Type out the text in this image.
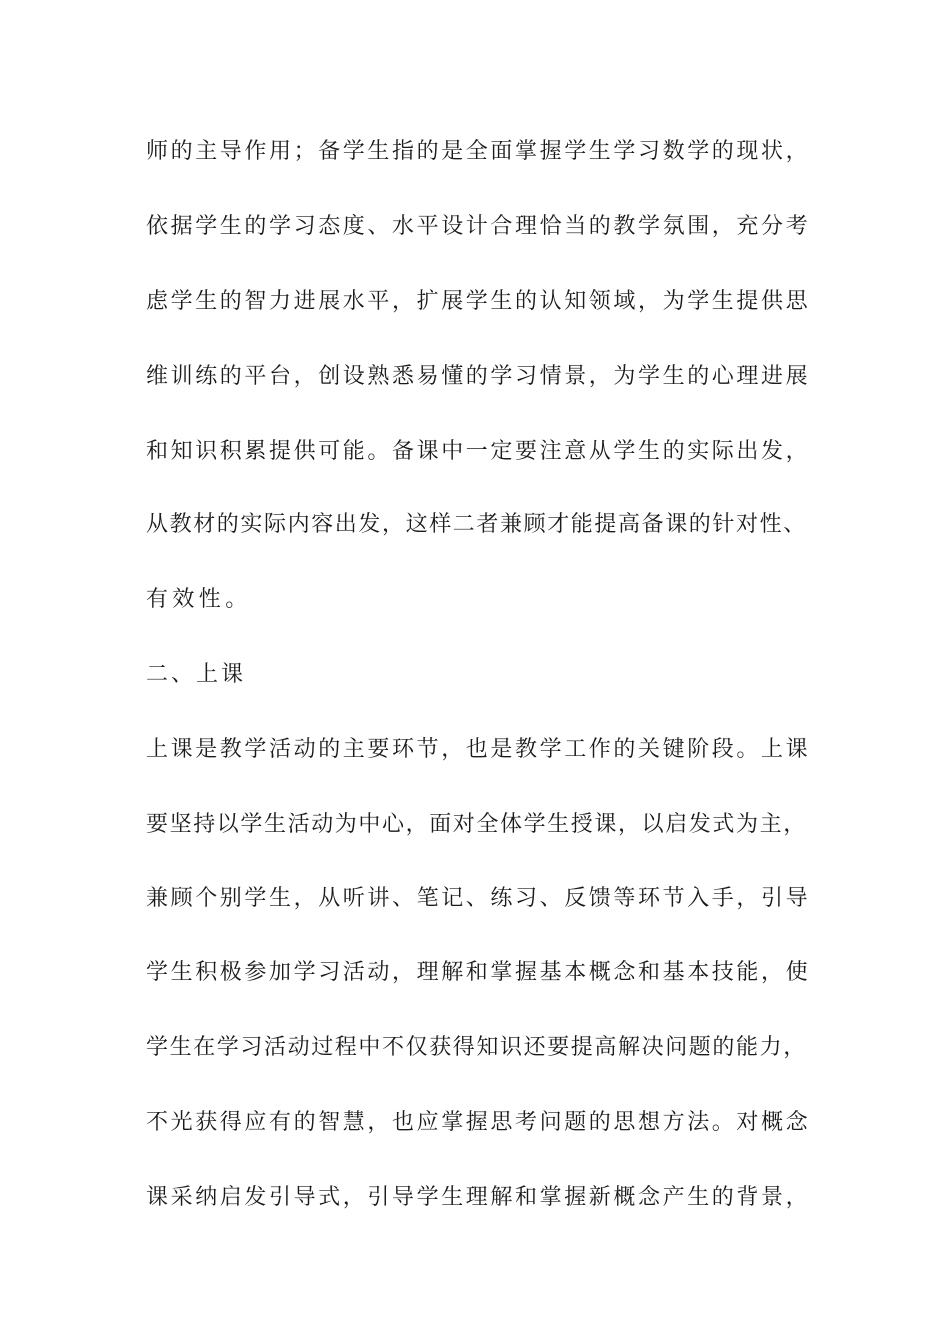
师的主导作用；备学生指的是全面掌握学生学习数学的现状，
依据学生的学习态度、水平设计合理恰当的教学氛围，充分考
虑学生的智力进展水平，扩展学生的认知领域，为学生提供思
维训练的平台，创设熟悉易懂的学习情景，为学生的心理进展
和知识积累提供可能。备课中一定要注意从学生的实际出发，
从教材的实际内容出发，这样二者兼顾才能提高备课的针对性、
有效性。
二、上课
上课是教学活动的主要环节，也是教学工作的关键阶段。上课
要坚持以学生活动为中心，面对全体学生授课，以启发式为主，
兼顾个别学生，从听讲、笔记、练习、反馈等环节入手，引导
学生积极参加学习活动，理解和掌握基本概念和基本技能，使
学生在学习活动过程中不仅获得知识还要提高解决问题的能力，
不光获得应有的智慧，也应掌握思考问题的思想方法。对概念
课采纳启发引导式，引导学生理解和掌握新概念产生的背景，
